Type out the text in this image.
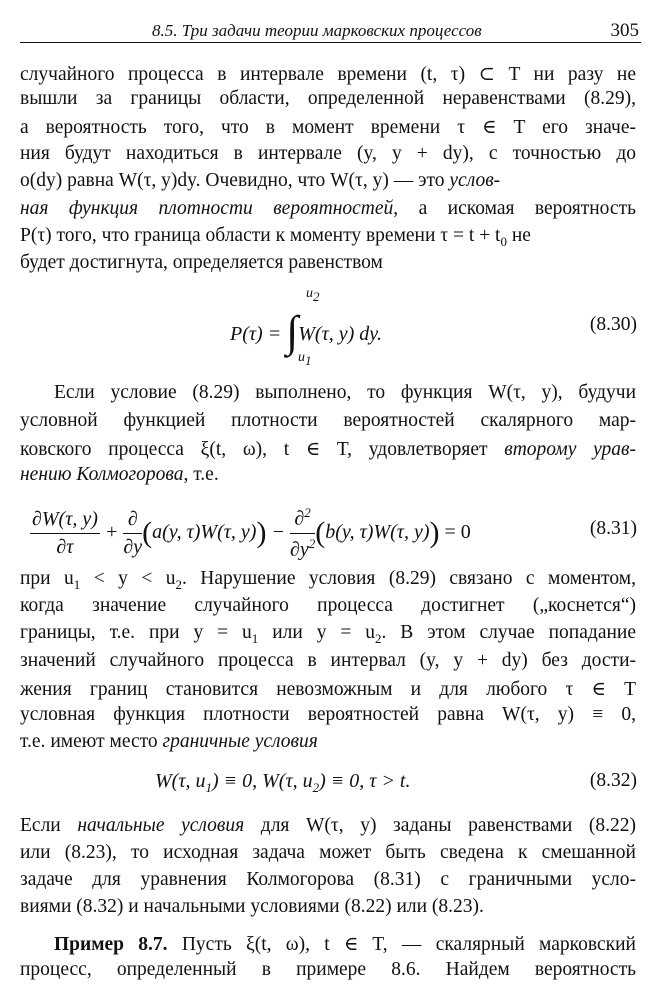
8.5. Три задачи теории марковских процессов	305
случайного процесса в интервале времени (t, τ) ⊂ T ни разу не
вышли за границы области, определенной неравенствами (8.29),
а вероятность того, что в момент времени τ ∈ T его значе-
ния будут находиться в интервале (y, y + dy), с точностью до
o(dy) равна W(τ, y)dy. Очевидно, что W(τ, y) — это услов-
ная функция плотности вероятностей, а искомая вероятность
P(τ) того, что граница области к моменту времени $\tau = t + t_0$ не
будет достигнута, определяется равенством
P(τ) = ∫W(τ, y) dy.
$u_2$
$u_1$
(8.30)
Если условие (8.29) выполнено, то функция W(τ, y), будучи
условной функцией плотности вероятностей скалярного мар-
ковского процесса ξ(t, ω), t ∈ T, удовлетворяет второму урав-
нению Колмогорова, т.е.
$\frac{\partial W(\tau, y)}{\partial\tau} + \frac{\partial}{\partial y} (a(y$, τ)W(τ, $y)) - \frac{\partial^2}{\partial y^2} (b(y$, τ)W(τ, y)) = 0	(8.31)
при $u_1 < y < u_2$. Нарушение условия (8.29) связано с моментом,
когда значение случайного процесса достигнет („коснется“)
границы, т.е. при $y = u_1$ или $y = u_2$. В этом случае попадание
значений случайного процесса в интервал (y, y + dy) без дости-
жения границ становится невозможным и для любого τ ∈ T
условная функция плотности вероятностей равна W(τ, y) ≡ 0,
т.е. имеют место граничные условия
W(τ, $u_1) \equiv 0$, W(τ, $u_2) \equiv 0$, τ > t.	(8.32)
Если начальные условия для W(τ, y) заданы равенствами (8.22)
или (8.23), то исходная задача может быть сведена к смешанной
задаче для уравнения Колмогорова (8.31) с граничными усло-
виями (8.32) и начальными условиями (8.22) или (8.23).
Пример 8.7. Пусть ξ(t, ω), t ∈ T, — скалярный марковский
процесс, определенный в примере 8.6. Найдем вероятность
